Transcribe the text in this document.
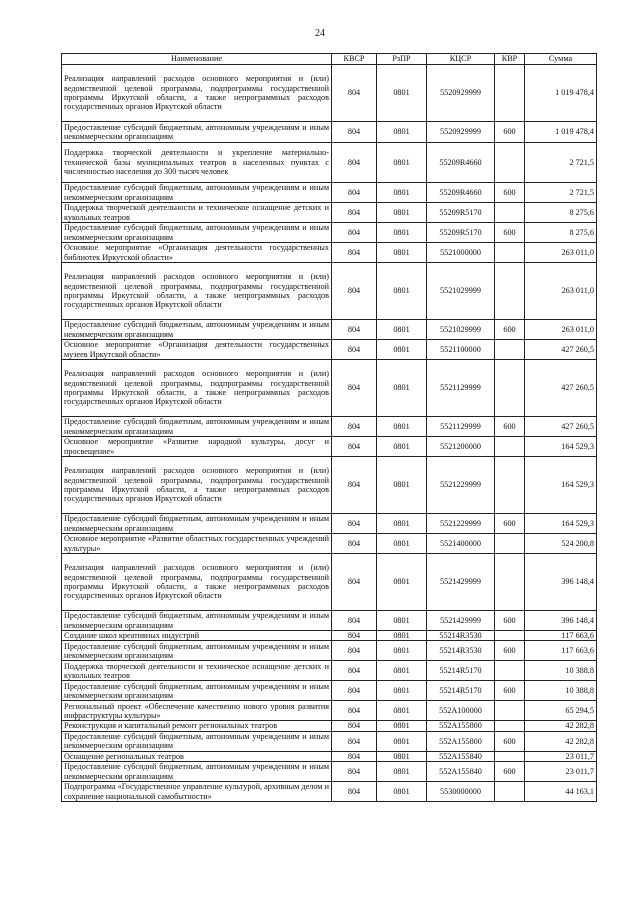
24
Наименование	КВСР	РзПР	КЦСР	КВР	Сумма
Реализация направлений расходов основного мероприятия и (или) ведомственной целевой программы, подпрограммы государственной программы Иркутской области, а также непрограммных расходов государственных органов Иркутской области	804	0801	5520929999		1 019 478,4
Предоставление субсидий бюджетным, автономным учреждениям и иным некоммерческим организациям	804	0801	5520929999	600	1 019 478,4
Поддержка творческой деятельности и укрепление материально-технической базы муниципальных театров в населенных пунктах с численностью населения до 300 тысяч человек	804	0801	55209R4660		2 721,5
Предоставление субсидий бюджетным, автономным учреждениям и иным некоммерческим организациям	804	0801	55209R4660	600	2 721,5
Поддержка творческой деятельности и техническое оснащение детских и кукольных театров	804	0801	55209R5170		8 275,6
Предоставление субсидий бюджетным, автономным учреждениям и иным некоммерческим организациям	804	0801	55209R5170	600	8 275,6
Основное мероприятие «Организация деятельности государственных библиотек Иркутской области»	804	0801	5521000000		263 011,0
Реализация направлений расходов основного мероприятия и (или) ведомственной целевой программы, подпрограммы государственной программы Иркутской области, а также непрограммных расходов государственных органов Иркутской области	804	0801	5521029999		263 011,0
Предоставление субсидий бюджетным, автономным учреждениям и иным некоммерческим организациям	804	0801	5521029999	600	263 011,0
Основное мероприятие «Организация деятельности государственных музеев Иркутской области»	804	0801	5521100000		427 260,5
Реализация направлений расходов основного мероприятия и (или) ведомственной целевой программы, подпрограммы государственной программы Иркутской области, а также непрограммных расходов государственных органов Иркутской области	804	0801	5521129999		427 260,5
Предоставление субсидий бюджетным, автономным учреждениям и иным некоммерческим организациям	804	0801	5521129999	600	427 260,5
Основное мероприятие «Развитие народной культуры, досуг и просвещение»	804	0801	5521200000		164 529,3
Реализация направлений расходов основного мероприятия и (или) ведомственной целевой программы, подпрограммы государственной программы Иркутской области, а также непрограммных расходов государственных органов Иркутской области	804	0801	5521229999		164 529,3
Предоставление субсидий бюджетным, автономным учреждениям и иным некоммерческим организациям	804	0801	5521229999	600	164 529,3
Основное мероприятие «Развитие областных государственных учреждений культуры»	804	0801	5521400000		524 200,8
Реализация направлений расходов основного мероприятия и (или) ведомственной целевой программы, подпрограммы государственной программы Иркутской области, а также непрограммных расходов государственных органов Иркутской области	804	0801	5521429999		396 148,4
Предоставление субсидий бюджетным, автономным учреждениям и иным некоммерческим организациям	804	0801	5521429999	600	396 148,4
Создание школ креативных индустрий	804	0801	55214R3530		117 663,6
Предоставление субсидий бюджетным, автономным учреждениям и иным некоммерческим организациям	804	0801	55214R3530	600	117 663,6
Поддержка творческой деятельности и техническое оснащение детских и кукольных театров	804	0801	55214R5170		10 388,8
Предоставление субсидий бюджетным, автономным учреждениям и иным некоммерческим организациям	804	0801	55214R5170	600	10 388,8
Региональный проект «Обеспечение качественно нового уровня развития инфраструктуры культуры»	804	0801	552A100000		65 294,5
Реконструкция и капитальный ремонт региональных театров	804	0801	552A155800		42 282,8
Предоставление субсидий бюджетным, автономным учреждениям и иным некоммерческим организациям	804	0801	552A155800	600	42 282,8
Оснащение региональных театров	804	0801	552A155840		23 011,7
Предоставление субсидий бюджетным, автономным учреждениям и иным некоммерческим организациям	804	0801	552A155840	600	23 011,7
Подпрограмма «Государственное управление культурой, архивным делом и сохранение национальной самобытности»	804	0801	5530000000		44 163,1
